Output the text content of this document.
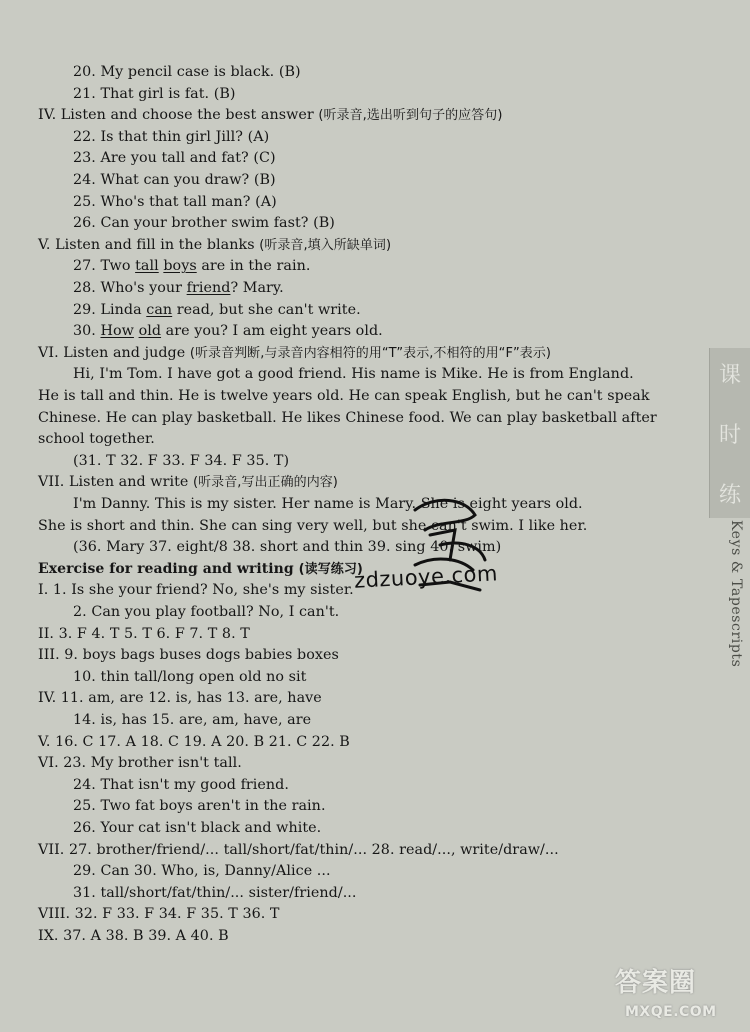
20. My pencil case is black. (B)
21. That girl is fat. (B)
IV. Listen and choose the best answer (听录音,选出听到句子的应答句)
22. Is that thin girl Jill? (A)
23. Are you tall and fat? (C)
24. What can you draw? (B)
25. Who's that tall man? (A)
26. Can your brother swim fast? (B)
V. Listen and fill in the blanks (听录音,填入所缺单词)
27. Two tall boys are in the rain.
28. Who's your friend? Mary.
29. Linda can read, but she can't write.
30. How old are you? I am eight years old.
VI. Listen and judge (听录音判断,与录音内容相符的用“T”表示,不相符的用“F”表示)
Hi, I'm Tom. I have got a good friend. His name is Mike. He is from England.
He is tall and thin. He is twelve years old. He can speak English, but he can't speak
Chinese. He can play basketball. He likes Chinese food. We can play basketball after
school together.
(31. T 32. F 33. F 34. F 35. T)
VII. Listen and write (听录音,写出正确的内容)
I'm Danny. This is my sister. Her name is Mary. She is eight years old.
She is short and thin. She can sing very well, but she can't swim. I like her.
(36. Mary 37. eight/8 38. short and thin 39. sing 40. swim)
Exercise for reading and writing (读写练习)
I. 1. Is she your friend? No, she's my sister.
2. Can you play football? No, I can't.
II. 3. F 4. T 5. T 6. F 7. T 8. T
III. 9. boys bags buses dogs babies boxes
10. thin tall/long open old no sit
IV. 11. am, are 12. is, has 13. are, have
14. is, has 15. are, am, have, are
V. 16. C 17. A 18. C 19. A 20. B 21. C 22. B
VI. 23. My brother isn't tall.
24. That isn't my good friend.
25. Two fat boys aren't in the rain.
26. Your cat isn't black and white.
VII. 27. brother/friend/... tall/short/fat/thin/... 28. read/..., write/draw/...
29. Can 30. Who, is, Danny/Alice ...
31. tall/short/fat/thin/... sister/friend/...
VIII. 32. F 33. F 34. F 35. T 36. T
IX. 37. A 38. B 39. A 40. B
课
时
练
Keys & Tapescripts
zdzuoye.com
答案圈
MXQE.COM
